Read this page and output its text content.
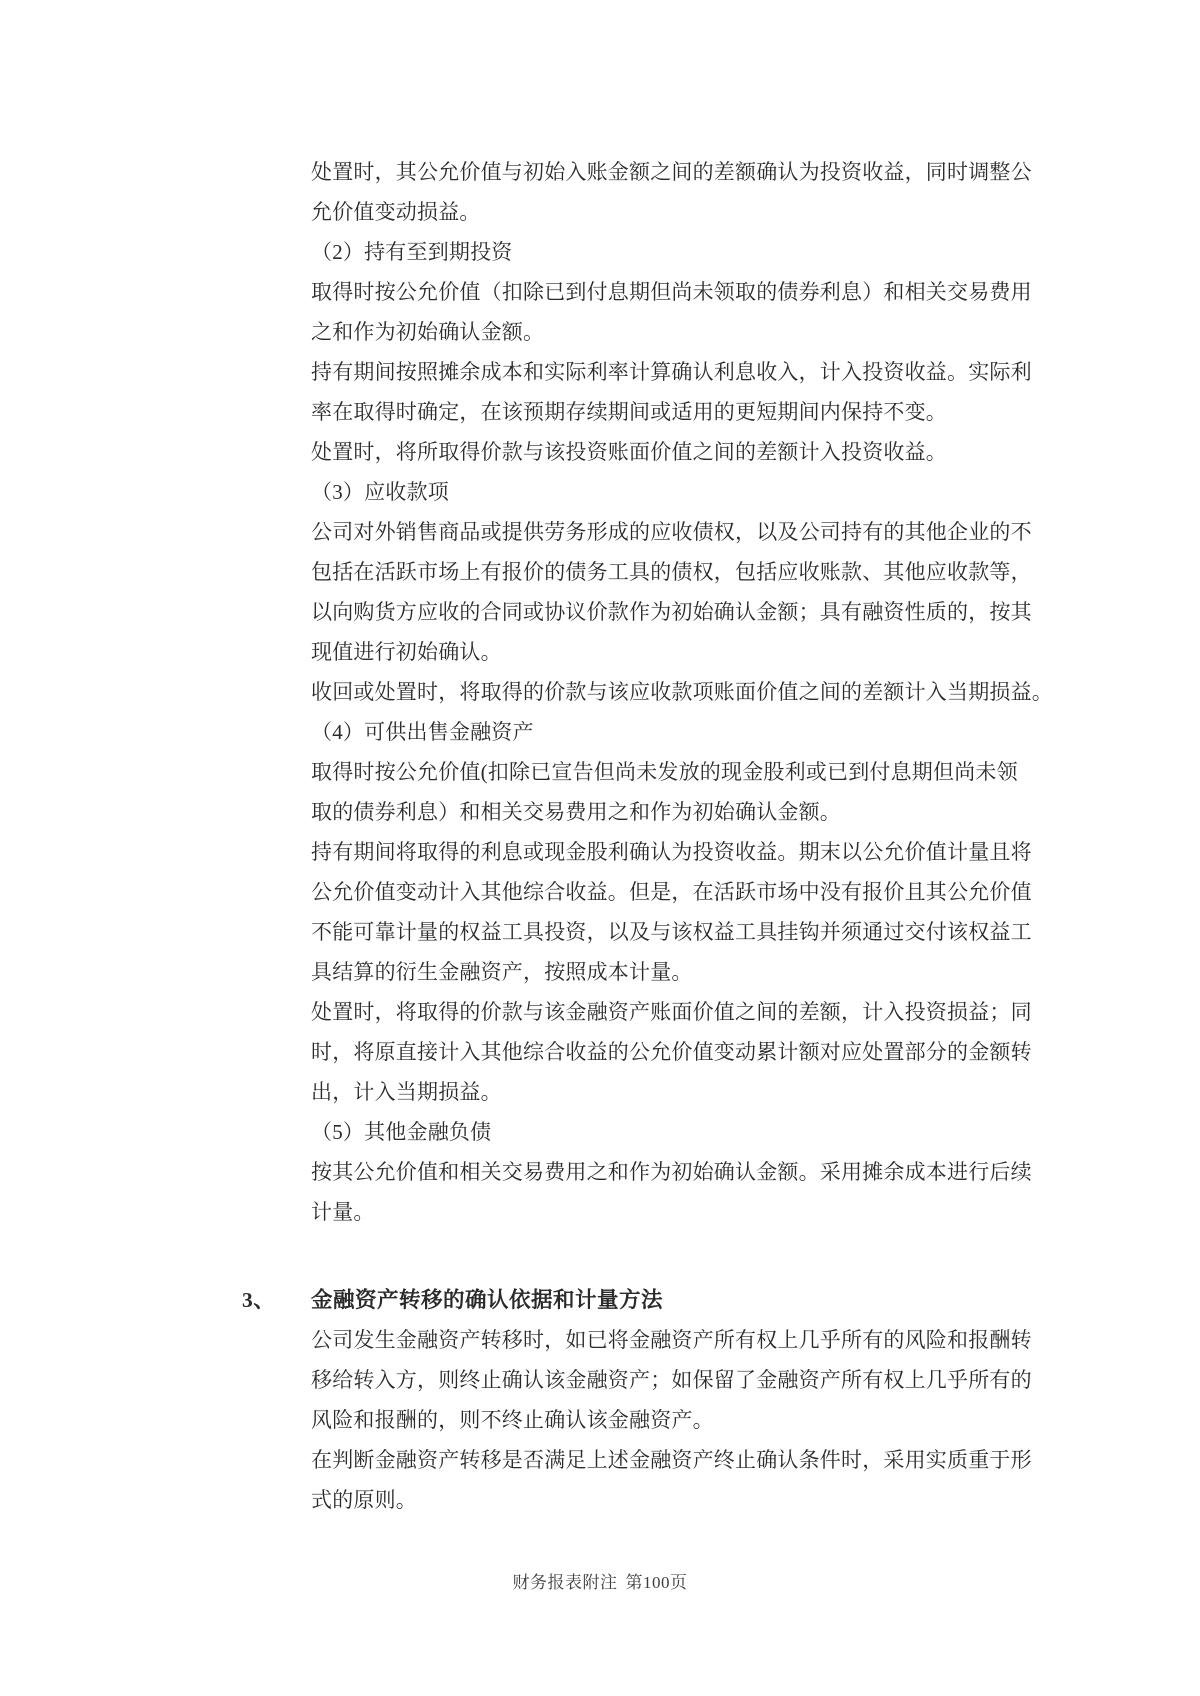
处置时，其公允价值与初始入账金额之间的差额确认为投资收益，同时调整公
允价值变动损益。
（2）持有至到期投资
取得时按公允价值（扣除已到付息期但尚未领取的债券利息）和相关交易费用
之和作为初始确认金额。
持有期间按照摊余成本和实际利率计算确认利息收入，计入投资收益。实际利
率在取得时确定，在该预期存续期间或适用的更短期间内保持不变。
处置时，将所取得价款与该投资账面价值之间的差额计入投资收益。
（3）应收款项
公司对外销售商品或提供劳务形成的应收债权，以及公司持有的其他企业的不
包括在活跃市场上有报价的债务工具的债权，包括应收账款、其他应收款等，
以向购货方应收的合同或协议价款作为初始确认金额；具有融资性质的，按其
现值进行初始确认。
收回或处置时，将取得的价款与该应收款项账面价值之间的差额计入当期损益。
（4）可供出售金融资产
取得时按公允价值(扣除已宣告但尚未发放的现金股利或已到付息期但尚未领
取的债券利息）和相关交易费用之和作为初始确认金额。
持有期间将取得的利息或现金股利确认为投资收益。期末以公允价值计量且将
公允价值变动计入其他综合收益。但是，在活跃市场中没有报价且其公允价值
不能可靠计量的权益工具投资，以及与该权益工具挂钩并须通过交付该权益工
具结算的衍生金融资产，按照成本计量。
处置时，将取得的价款与该金融资产账面价值之间的差额，计入投资损益；同
时，将原直接计入其他综合收益的公允价值变动累计额对应处置部分的金额转
出，计入当期损益。
（5）其他金融负债
按其公允价值和相关交易费用之和作为初始确认金额。采用摊余成本进行后续
计量。
3、 金融资产转移的确认依据和计量方法
公司发生金融资产转移时，如已将金融资产所有权上几乎所有的风险和报酬转
移给转入方，则终止确认该金融资产；如保留了金融资产所有权上几乎所有的
风险和报酬的，则不终止确认该金融资产。
在判断金融资产转移是否满足上述金融资产终止确认条件时，采用实质重于形
式的原则。
财务报表附注 第100页
